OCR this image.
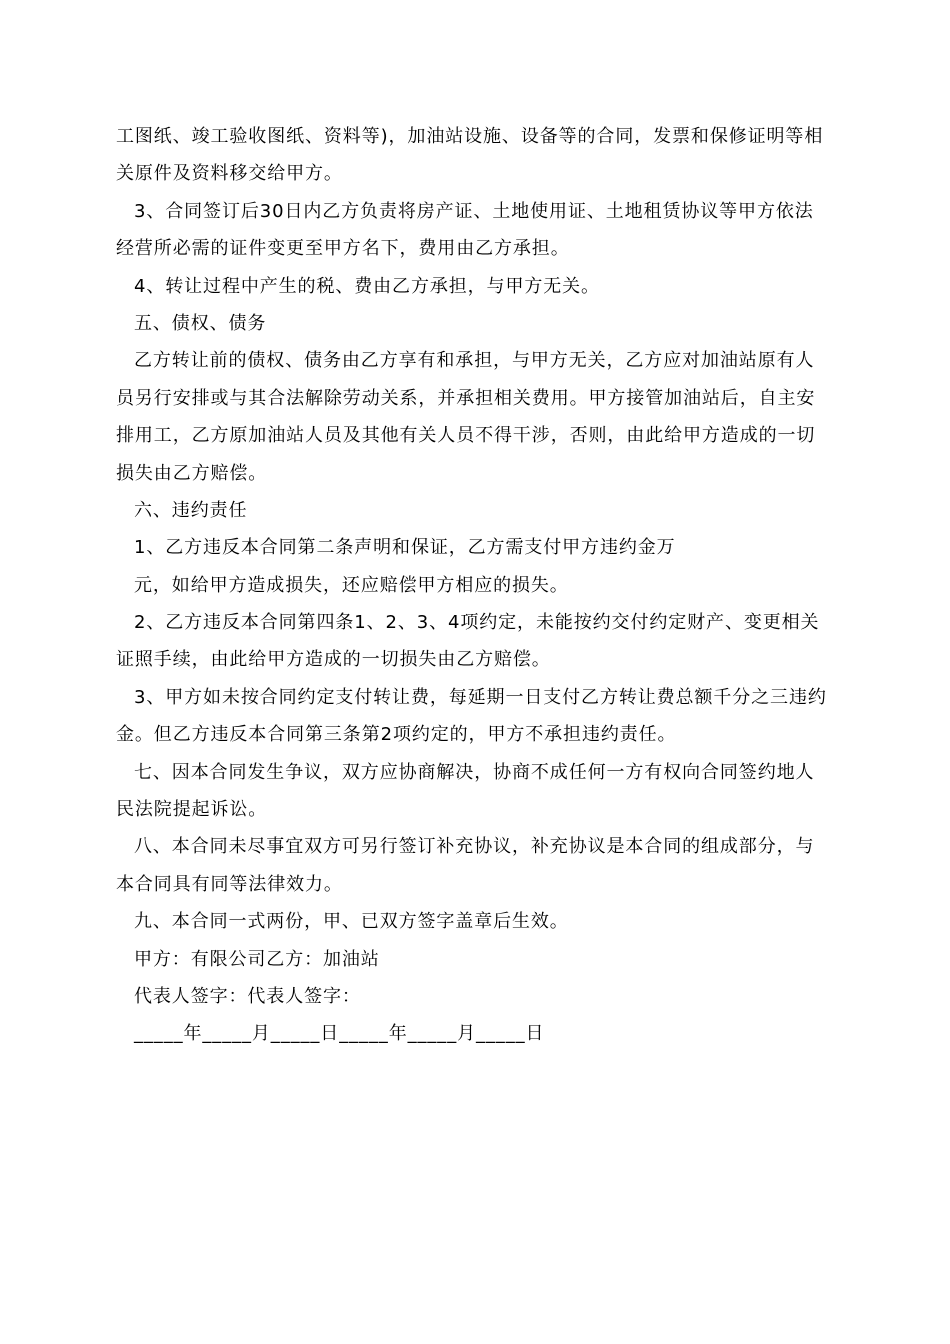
工图纸、竣工验收图纸、资料等)，加油站设施、设备等的合同，发票和保修证明等相
关原件及资料移交给甲方。
3、合同签订后30日内乙方负责将房产证、土地使用证、土地租赁协议等甲方依法
经营所必需的证件变更至甲方名下，费用由乙方承担。
4、转让过程中产生的税、费由乙方承担，与甲方无关。
五、债权、债务
乙方转让前的债权、债务由乙方享有和承担，与甲方无关，乙方应对加油站原有人
员另行安排或与其合法解除劳动关系，并承担相关费用。甲方接管加油站后，自主安
排用工，乙方原加油站人员及其他有关人员不得干涉，否则，由此给甲方造成的一切
损失由乙方赔偿。
六、违约责任
1、乙方违反本合同第二条声明和保证，乙方需支付甲方违约金万
元，如给甲方造成损失，还应赔偿甲方相应的损失。
2、乙方违反本合同第四条1、2、3、4项约定，未能按约交付约定财产、变更相关
证照手续，由此给甲方造成的一切损失由乙方赔偿。
3、甲方如未按合同约定支付转让费，每延期一日支付乙方转让费总额千分之三违约
金。但乙方违反本合同第三条第2项约定的，甲方不承担违约责任。
七、因本合同发生争议，双方应协商解决，协商不成任何一方有权向合同签约地人
民法院提起诉讼。
八、本合同未尽事宜双方可另行签订补充协议，补充协议是本合同的组成部分，与
本合同具有同等法律效力。
九、本合同一式两份，甲、已双方签字盖章后生效。
甲方：有限公司乙方：加油站
代表人签字：代表人签字：
_____年_____月_____日_____年_____月_____日
